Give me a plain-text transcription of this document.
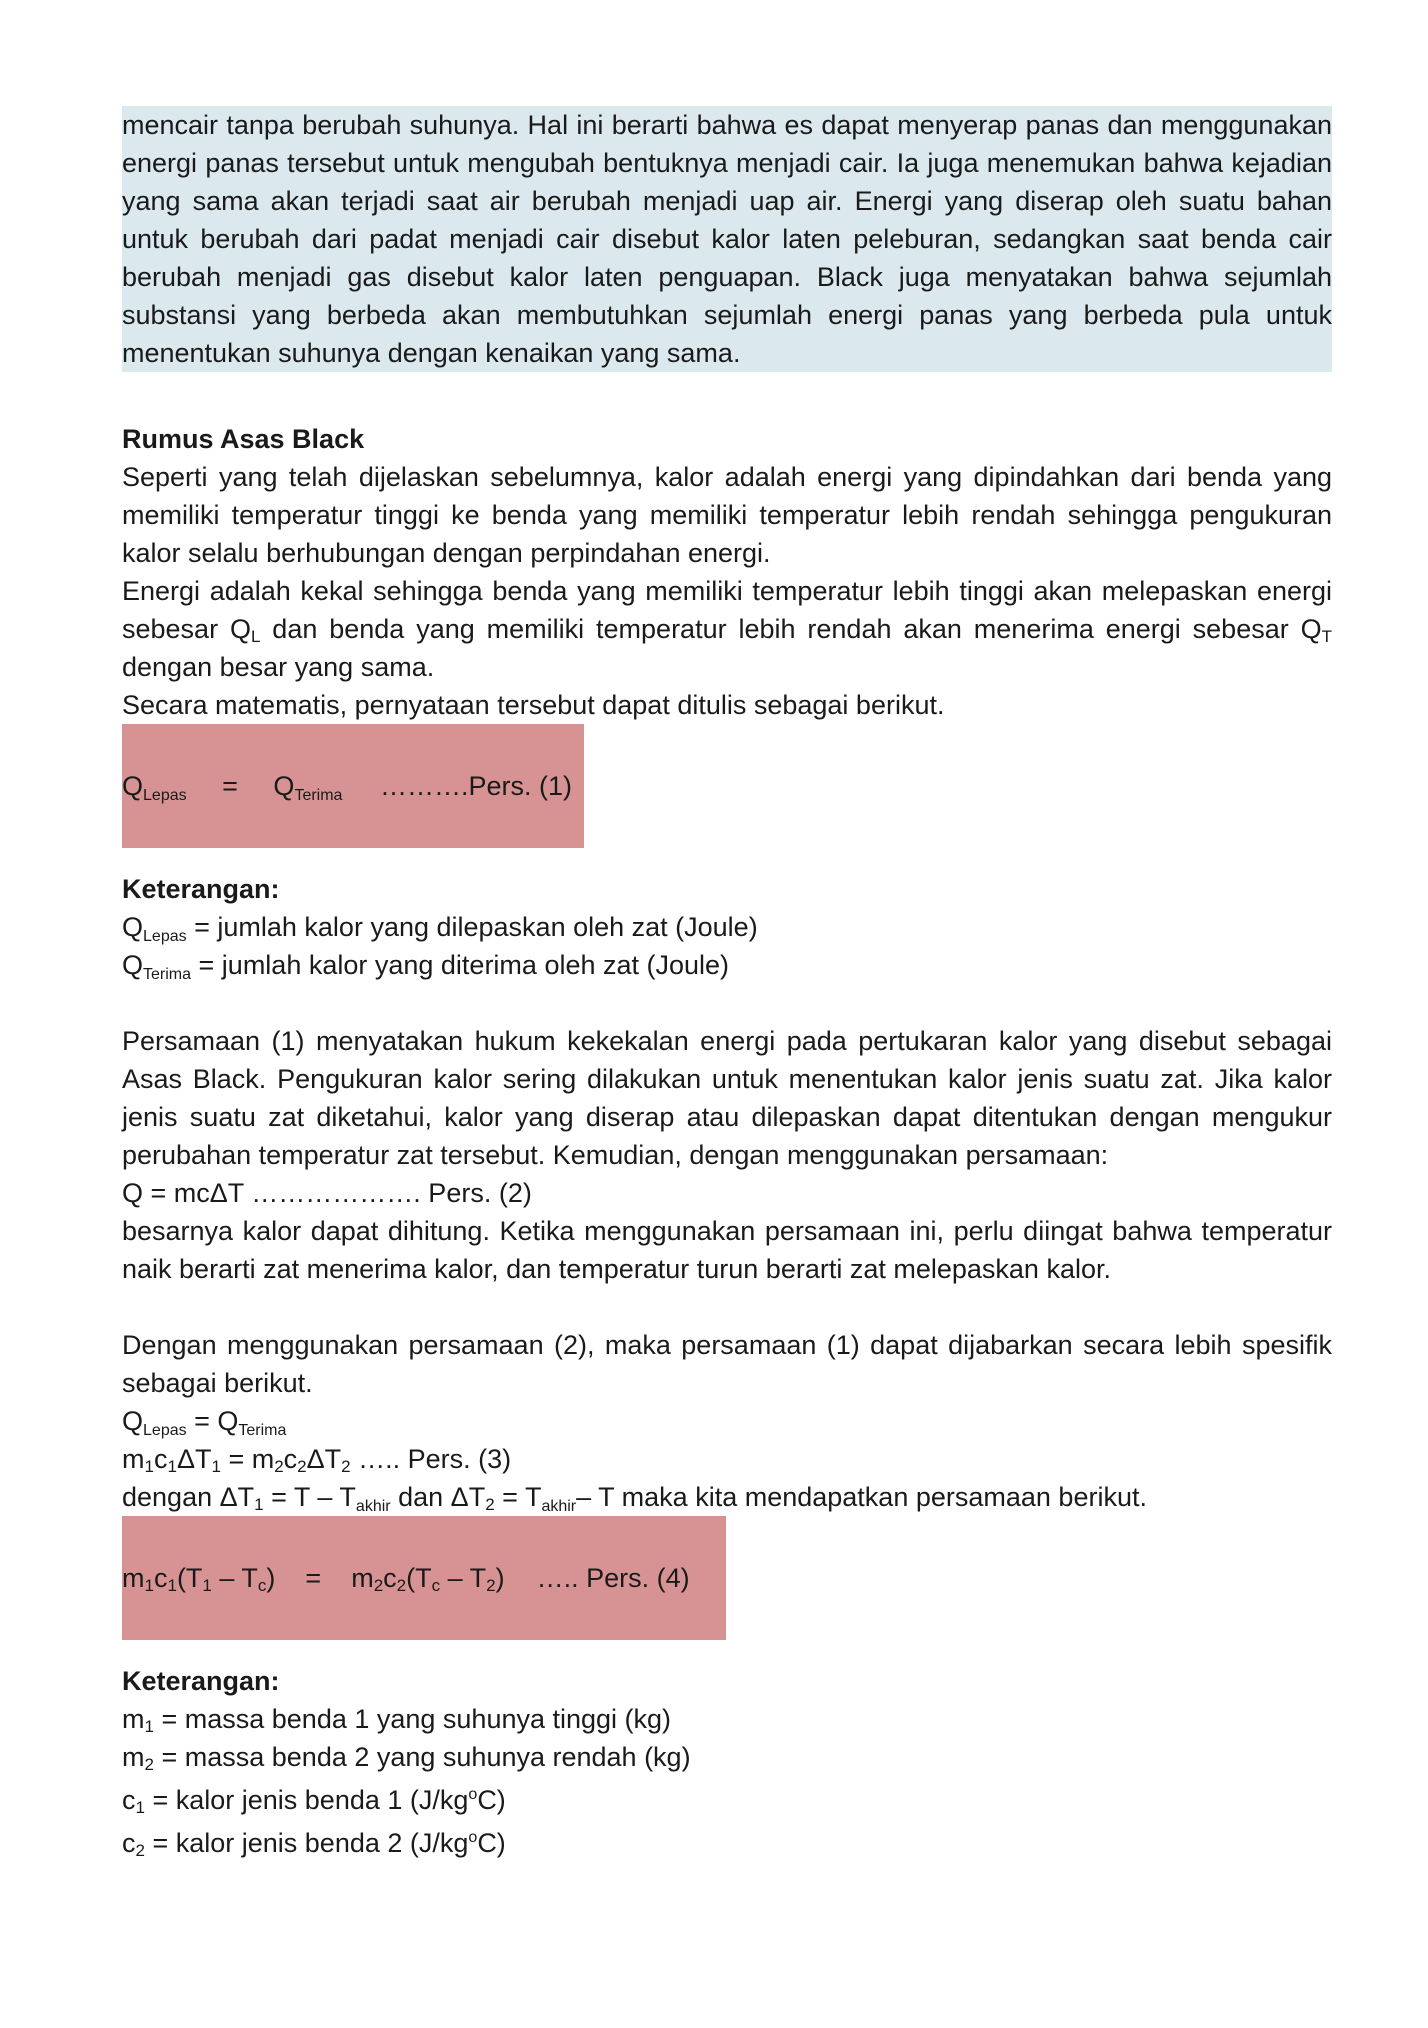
mencair tanpa berubah suhunya. Hal ini berarti bahwa es dapat menyerap panas dan menggunakan energi panas tersebut untuk mengubah bentuknya menjadi cair. Ia juga menemukan bahwa kejadian yang sama akan terjadi saat air berubah menjadi uap air. Energi yang diserap oleh suatu bahan untuk berubah dari padat menjadi cair disebut kalor laten peleburan, sedangkan saat benda cair berubah menjadi gas disebut kalor laten penguapan. Black juga menyatakan bahwa sejumlah substansi yang berbeda akan membutuhkan sejumlah energi panas yang berbeda pula untuk menentukan suhunya dengan kenaikan yang sama.

Rumus Asas Black

Seperti yang telah dijelaskan sebelumnya, kalor adalah energi yang dipindahkan dari benda yang memiliki temperatur tinggi ke benda yang memiliki temperatur lebih rendah sehingga pengukuran kalor selalu berhubungan dengan perpindahan energi.

Energi adalah kekal sehingga benda yang memiliki temperatur lebih tinggi akan melepaskan energi sebesar QL dan benda yang memiliki temperatur lebih rendah akan menerima energi sebesar QT dengan besar yang sama.

Secara matematis, pernyataan tersebut dapat ditulis sebagai berikut.

$Q_{Lepas} = Q_{Terima}$ ……….Pers. (1)

Keterangan:

$Q_{Lepas}$ = jumlah kalor yang dilepaskan oleh zat (Joule)

$Q_{Terima}$ = jumlah kalor yang diterima oleh zat (Joule)

Persamaan (1) menyatakan hukum kekekalan energi pada pertukaran kalor yang disebut sebagai Asas Black. Pengukuran kalor sering dilakukan untuk menentukan kalor jenis suatu zat. Jika kalor jenis suatu zat diketahui, kalor yang diserap atau dilepaskan dapat ditentukan dengan mengukur perubahan temperatur zat tersebut. Kemudian, dengan menggunakan persamaan:

Q = mcΔT ………………. Pers. (2)

besarnya kalor dapat dihitung. Ketika menggunakan persamaan ini, perlu diingat bahwa temperatur naik berarti zat menerima kalor, dan temperatur turun berarti zat melepaskan kalor.

Dengan menggunakan persamaan (2), maka persamaan (1) dapat dijabarkan secara lebih spesifik sebagai berikut.

$Q_{Lepas} = Q_{Terima}$

m1c1ΔT1 = m2c2ΔT2 ….. Pers. (3)

dengan $\Delta T1 = T - T_{akhir}$ dan $\Delta T2 = T_{akhir}-$ T maka kita mendapatkan persamaan berikut.

m1c1(T1 – Tc) = m2c2(Tc – T2) ….. Pers. (4)

Keterangan:

m1 = massa benda 1 yang suhunya tinggi (kg)

m2 = massa benda 2 yang suhunya rendah (kg)

c1 = kalor jenis benda 1 $(J/kg^oC)$

c2 = kalor jenis benda 2 $(J/kg^oC)$
